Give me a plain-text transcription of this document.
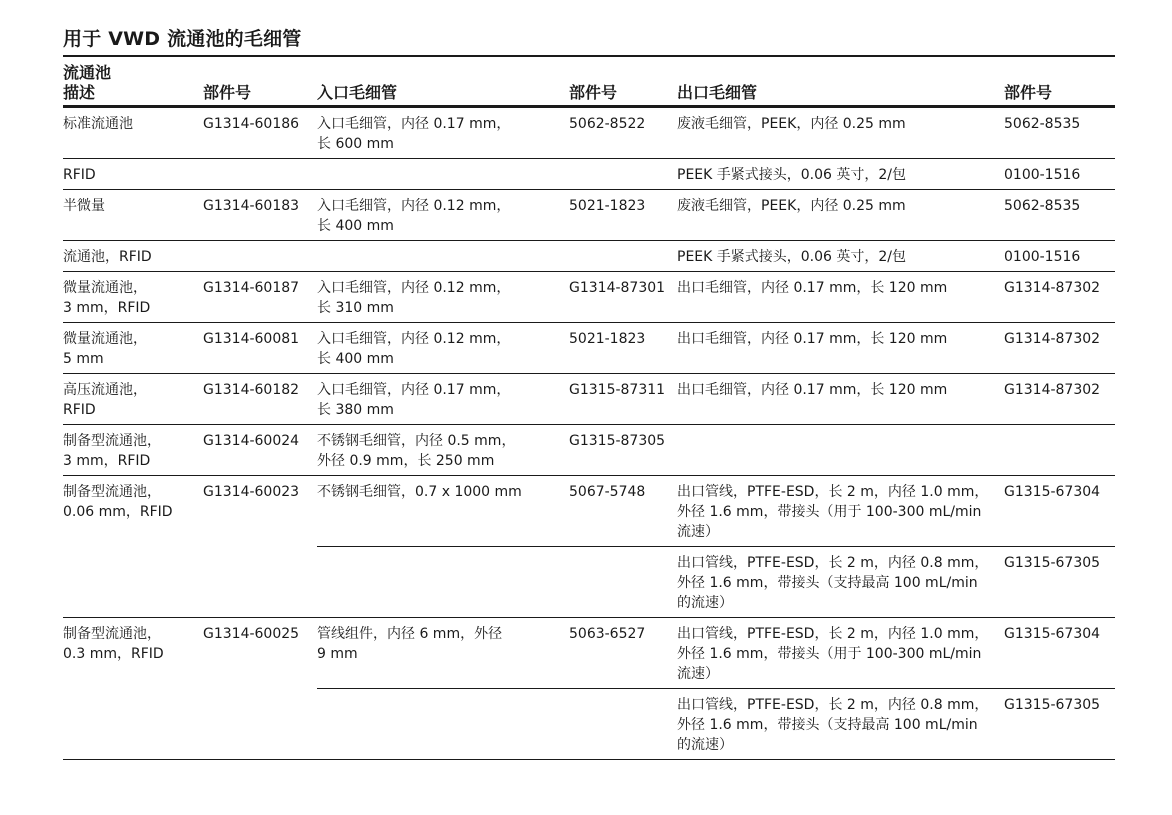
用于 VWD 流通池的毛细管
流通池
描述	部件号	入口毛细管	部件号	出口毛细管	部件号
标准流通池	G1314-60186	入口毛细管，内径 0.17 mm，
长 600 mm	5062-8522	废液毛细管，PEEK，内径 0.25 mm	5062-8535
RFID				PEEK 手紧式接头，0.06 英寸，2/包	0100-1516
半微量	G1314-60183	入口毛细管，内径 0.12 mm，
长 400 mm	5021-1823	废液毛细管，PEEK，内径 0.25 mm	5062-8535
流通池，RFID				PEEK 手紧式接头，0.06 英寸，2/包	0100-1516
微量流通池，
3 mm，RFID	G1314-60187	入口毛细管，内径 0.12 mm，
长 310 mm	G1314-87301	出口毛细管，内径 0.17 mm，长 120 mm	G1314-87302
微量流通池，
5 mm	G1314-60081	入口毛细管，内径 0.12 mm，
长 400 mm	5021-1823	出口毛细管，内径 0.17 mm，长 120 mm	G1314-87302
高压流通池，
RFID	G1314-60182	入口毛细管，内径 0.17 mm，
长 380 mm	G1315-87311	出口毛细管，内径 0.17 mm，长 120 mm	G1314-87302
制备型流通池，
3 mm，RFID	G1314-60024	不锈钢毛细管，内径 0.5 mm，
外径 0.9 mm，长 250 mm	G1315-87305		
制备型流通池，
0.06 mm，RFID	G1314-60023	不锈钢毛细管，0.7 x 1000 mm	5067-5748	出口管线，PTFE-ESD，长 2 m，内径 1.0 mm，
外径 1.6 mm，带接头（用于 100-300 mL/min
流速）	G1315-67304
				出口管线，PTFE-ESD，长 2 m，内径 0.8 mm，
外径 1.6 mm，带接头（支持最高 100 mL/min
的流速）	G1315-67305
制备型流通池，
0.3 mm，RFID	G1314-60025	管线组件，内径 6 mm，外径
9 mm	5063-6527	出口管线，PTFE-ESD，长 2 m，内径 1.0 mm，
外径 1.6 mm，带接头（用于 100-300 mL/min
流速）	G1315-67304
				出口管线，PTFE-ESD，长 2 m，内径 0.8 mm，
外径 1.6 mm，带接头（支持最高 100 mL/min
的流速）	G1315-67305
